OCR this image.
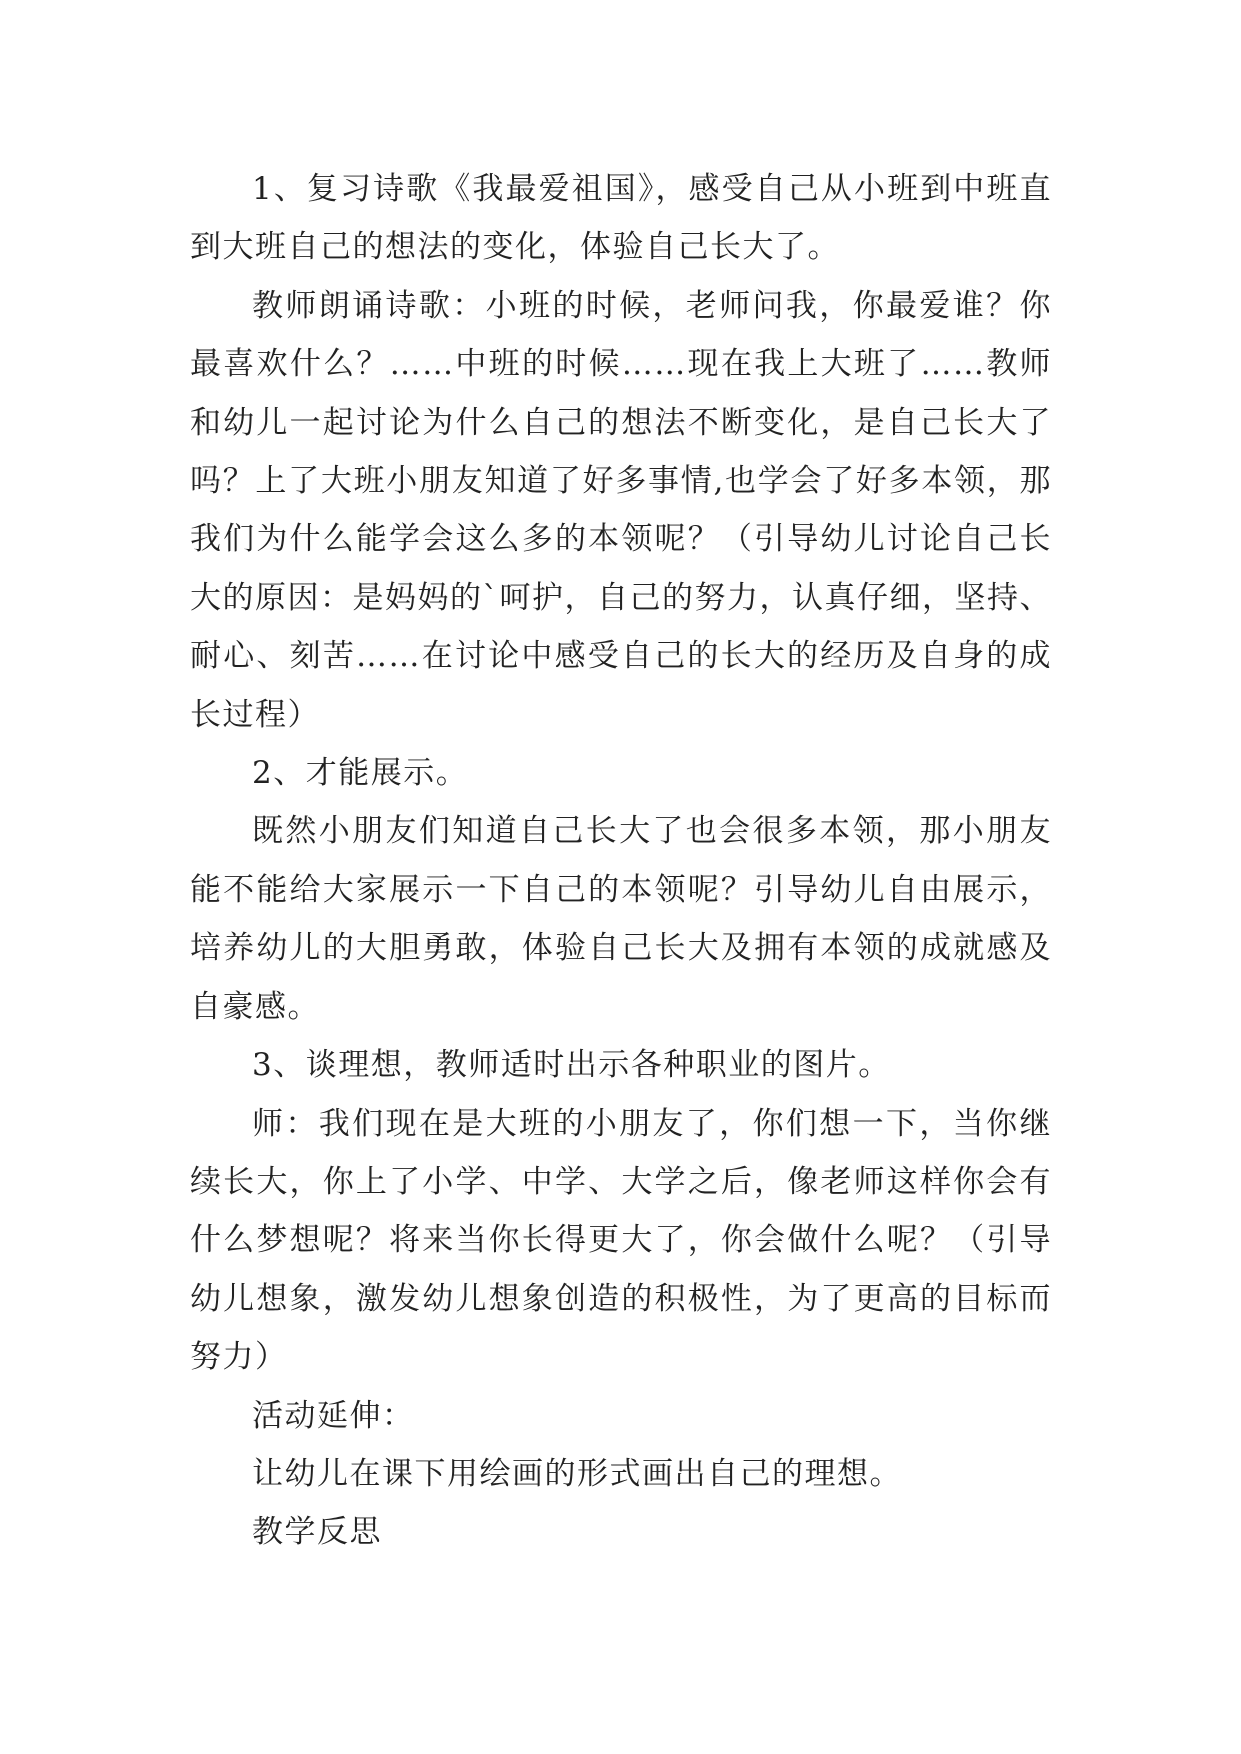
1、复习诗歌《我最爱祖国》，感受自己从小班到中班直到大班自己的想法的变化，体验自己长大了。

教师朗诵诗歌：小班的时候，老师问我，你最爱谁？你最喜欢什么？……中班的时候……现在我上大班了……教师和幼儿一起讨论为什么自己的想法不断变化，是自己长大了吗？上了大班小朋友知道了好多事情,也学会了好多本领，那我们为什么能学会这么多的本领呢？（引导幼儿讨论自己长大的原因：是妈妈的`呵护，自己的努力，认真仔细，坚持、耐心、刻苦……在讨论中感受自己的长大的经历及自身的成长过程）

2、才能展示。

既然小朋友们知道自己长大了也会很多本领，那小朋友能不能给大家展示一下自己的本领呢？引导幼儿自由展示，培养幼儿的大胆勇敢，体验自己长大及拥有本领的成就感及自豪感。

3、谈理想，教师适时出示各种职业的图片。

师：我们现在是大班的小朋友了，你们想一下，当你继续长大，你上了小学、中学、大学之后，像老师这样你会有什么梦想呢？将来当你长得更大了，你会做什么呢？（引导幼儿想象，激发幼儿想象创造的积极性，为了更高的目标而努力）

活动延伸：

让幼儿在课下用绘画的形式画出自己的理想。

教学反思
